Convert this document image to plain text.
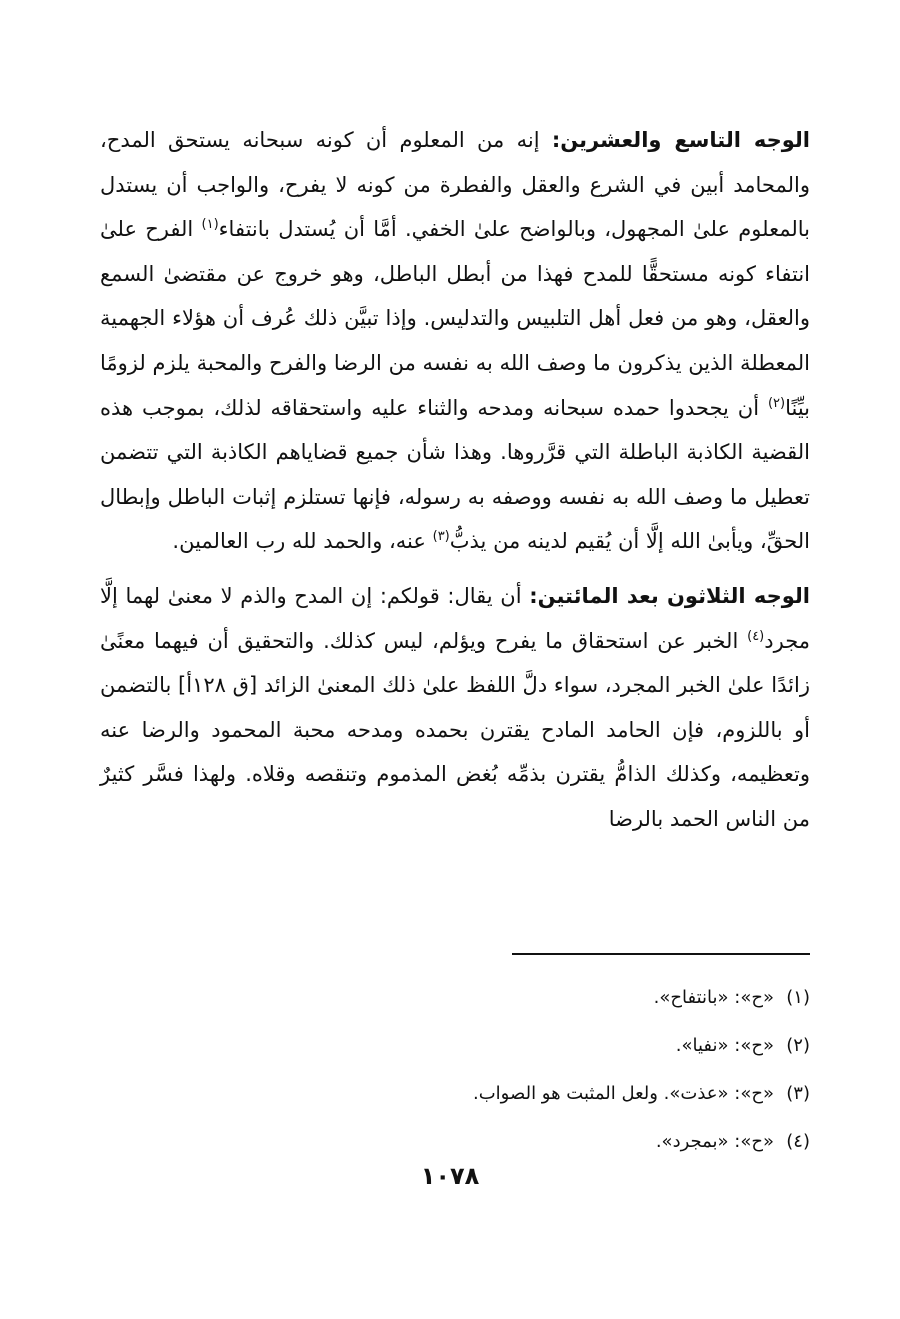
الوجه التاسع والعشرين: إنه من المعلوم أن كونه سبحانه يستحق المدح، والمحامد أبين في الشرع والعقل والفطرة من كونه لا يفرح، والواجب أن يستدل بالمعلوم علىٰ المجهول، وبالواضح علىٰ الخفي. أمَّا أن يُستدل بانتفاء$^{(١)}$ الفرح علىٰ انتفاء كونه مستحقًّا للمدح فهذا من أبطل الباطل، وهو خروج عن مقتضىٰ السمع والعقل، وهو من فعل أهل التلبيس والتدليس. وإذا تبيَّن ذلك عُرف أن هؤلاء الجهمية المعطلة الذين يذكرون ما وصف الله به نفسه من الرضا والفرح والمحبة يلزم لزومًا بيِّنًا$^{(٢)}$ أن يجحدوا حمده سبحانه ومدحه والثناء عليه واستحقاقه لذلك، بموجب هذه القضية الكاذبة الباطلة التي قرَّروها. وهذا شأن جميع قضاياهم الكاذبة التي تتضمن تعطيل ما وصف الله به نفسه ووصفه به رسوله، فإنها تستلزم إثبات الباطل وإبطال الحقِّ، ويأبىٰ الله إلَّا أن يُقيم لدينه من يذبُّ$^{(٣)}$ عنه، والحمد لله رب العالمين.

الوجه الثلاثون بعد المائتين: أن يقال: قولكم: إن المدح والذم لا معنىٰ لهما إلَّا مجرد$^{(٤)}$ الخبر عن استحقاق ما يفرح ويؤلم، ليس كذلك. والتحقيق أن فيهما معنًىٰ زائدًا علىٰ الخبر المجرد، سواء دلَّ اللفظ علىٰ ذلك المعنىٰ الزائد [ق ١٢٨أ] بالتضمن أو باللزوم، فإن الحامد المادح يقترن بحمده ومدحه محبة المحمود والرضا عنه وتعظيمه، وكذلك الذامُّ يقترن بذمِّه بُغض المذموم وتنقصه وقلاه. ولهذا فسَّر كثيرٌ من الناس الحمد بالرضا

(١)«ح»: «بانتفاح».

(٢)«ح»: «نفيا».

(٣)«ح»: «عذت». ولعل المثبت هو الصواب.

(٤)«ح»: «بمجرد».

١٠٧٨
